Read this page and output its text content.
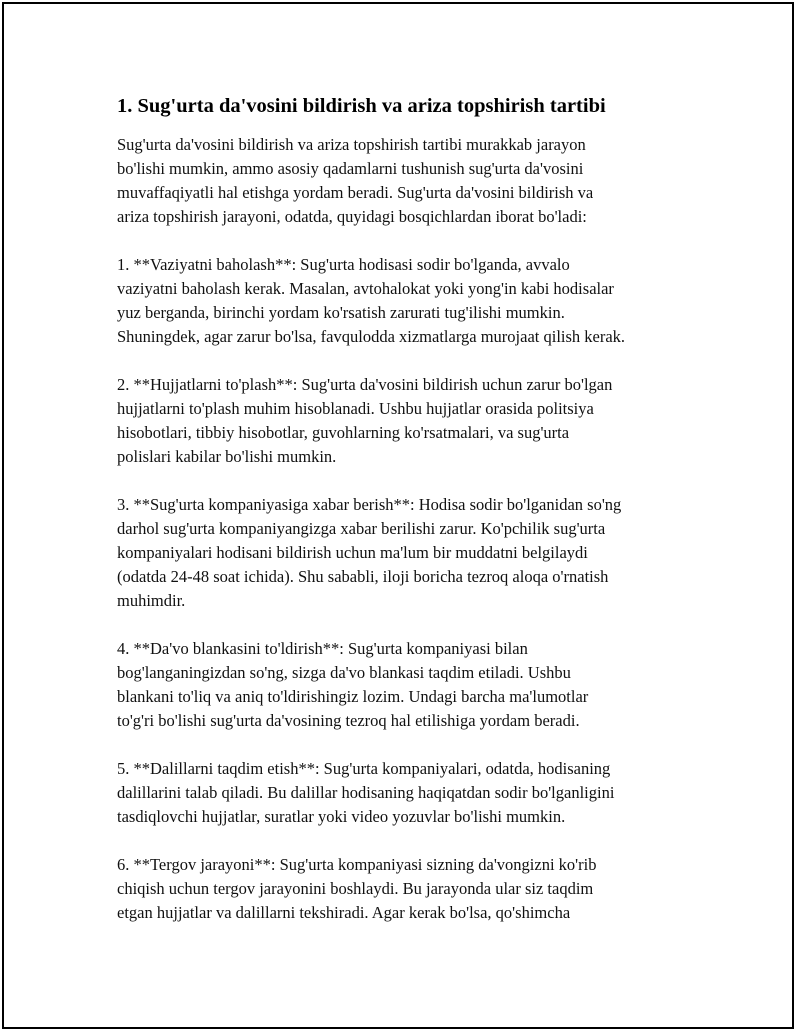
1. Sug'urta da'vosini bildirish va ariza topshirish tartibi

Sug'urta da'vosini bildirish va ariza topshirish tartibi murakkab jarayon
bo'lishi mumkin, ammo asosiy qadamlarni tushunish sug'urta da'vosini
muvaffaqiyatli hal etishga yordam beradi. Sug'urta da'vosini bildirish va
ariza topshirish jarayoni, odatda, quyidagi bosqichlardan iborat bo'ladi:

1. **Vaziyatni baholash**: Sug'urta hodisasi sodir bo'lganda, avvalo
vaziyatni baholash kerak. Masalan, avtohalokat yoki yong'in kabi hodisalar
yuz berganda, birinchi yordam ko'rsatish zarurati tug'ilishi mumkin.
Shuningdek, agar zarur bo'lsa, favqulodda xizmatlarga murojaat qilish kerak.

2. **Hujjatlarni to'plash**: Sug'urta da'vosini bildirish uchun zarur bo'lgan
hujjatlarni to'plash muhim hisoblanadi. Ushbu hujjatlar orasida politsiya
hisobotlari, tibbiy hisobotlar, guvohlarning ko'rsatmalari, va sug'urta
polislari kabilar bo'lishi mumkin.

3. **Sug'urta kompaniyasiga xabar berish**: Hodisa sodir bo'lganidan so'ng
darhol sug'urta kompaniyangizga xabar berilishi zarur. Ko'pchilik sug'urta
kompaniyalari hodisani bildirish uchun ma'lum bir muddatni belgilaydi
(odatda 24-48 soat ichida). Shu sababli, iloji boricha tezroq aloqa o'rnatish
muhimdir.

4. **Da'vo blankasini to'ldirish**: Sug'urta kompaniyasi bilan
bog'langaningizdan so'ng, sizga da'vo blankasi taqdim etiladi. Ushbu
blankani to'liq va aniq to'ldirishingiz lozim. Undagi barcha ma'lumotlar
to'g'ri bo'lishi sug'urta da'vosining tezroq hal etilishiga yordam beradi.

5. **Dalillarni taqdim etish**: Sug'urta kompaniyalari, odatda, hodisaning
dalillarini talab qiladi. Bu dalillar hodisaning haqiqatdan sodir bo'lganligini
tasdiqlovchi hujjatlar, suratlar yoki video yozuvlar bo'lishi mumkin.

6. **Tergov jarayoni**: Sug'urta kompaniyasi sizning da'vongizni ko'rib
chiqish uchun tergov jarayonini boshlaydi. Bu jarayonda ular siz taqdim
etgan hujjatlar va dalillarni tekshiradi. Agar kerak bo'lsa, qo'shimcha
